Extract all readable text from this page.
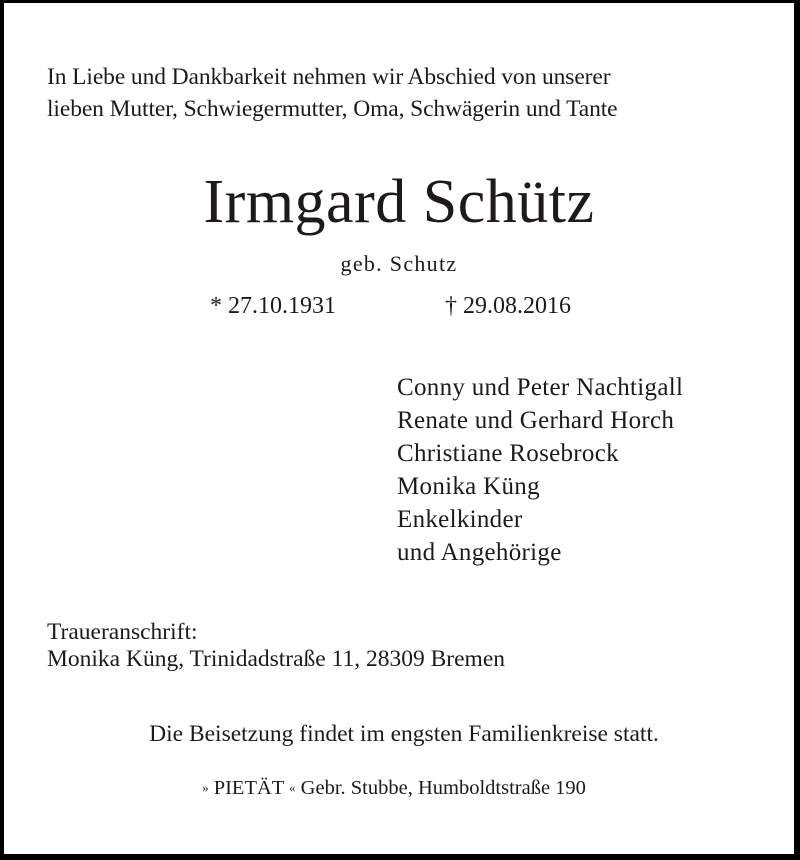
In Liebe und Dankbarkeit nehmen wir Abschied von unserer
lieben Mutter, Schwiegermutter, Oma, Schwägerin und Tante
Irmgard Schütz
geb. Schutz
* 27.10.1931	† 29.08.2016
Conny und Peter Nachtigall
Renate und Gerhard Horch
Christiane Rosebrock
Monika Küng
Enkelkinder
und Angehörige
Traueranschrift:
Monika Küng, Trinidadstraße 11, 28309 Bremen
Die Beisetzung findet im engsten Familienkreise statt.
» PIETÄT « Gebr. Stubbe, Humboldtstraße 190
